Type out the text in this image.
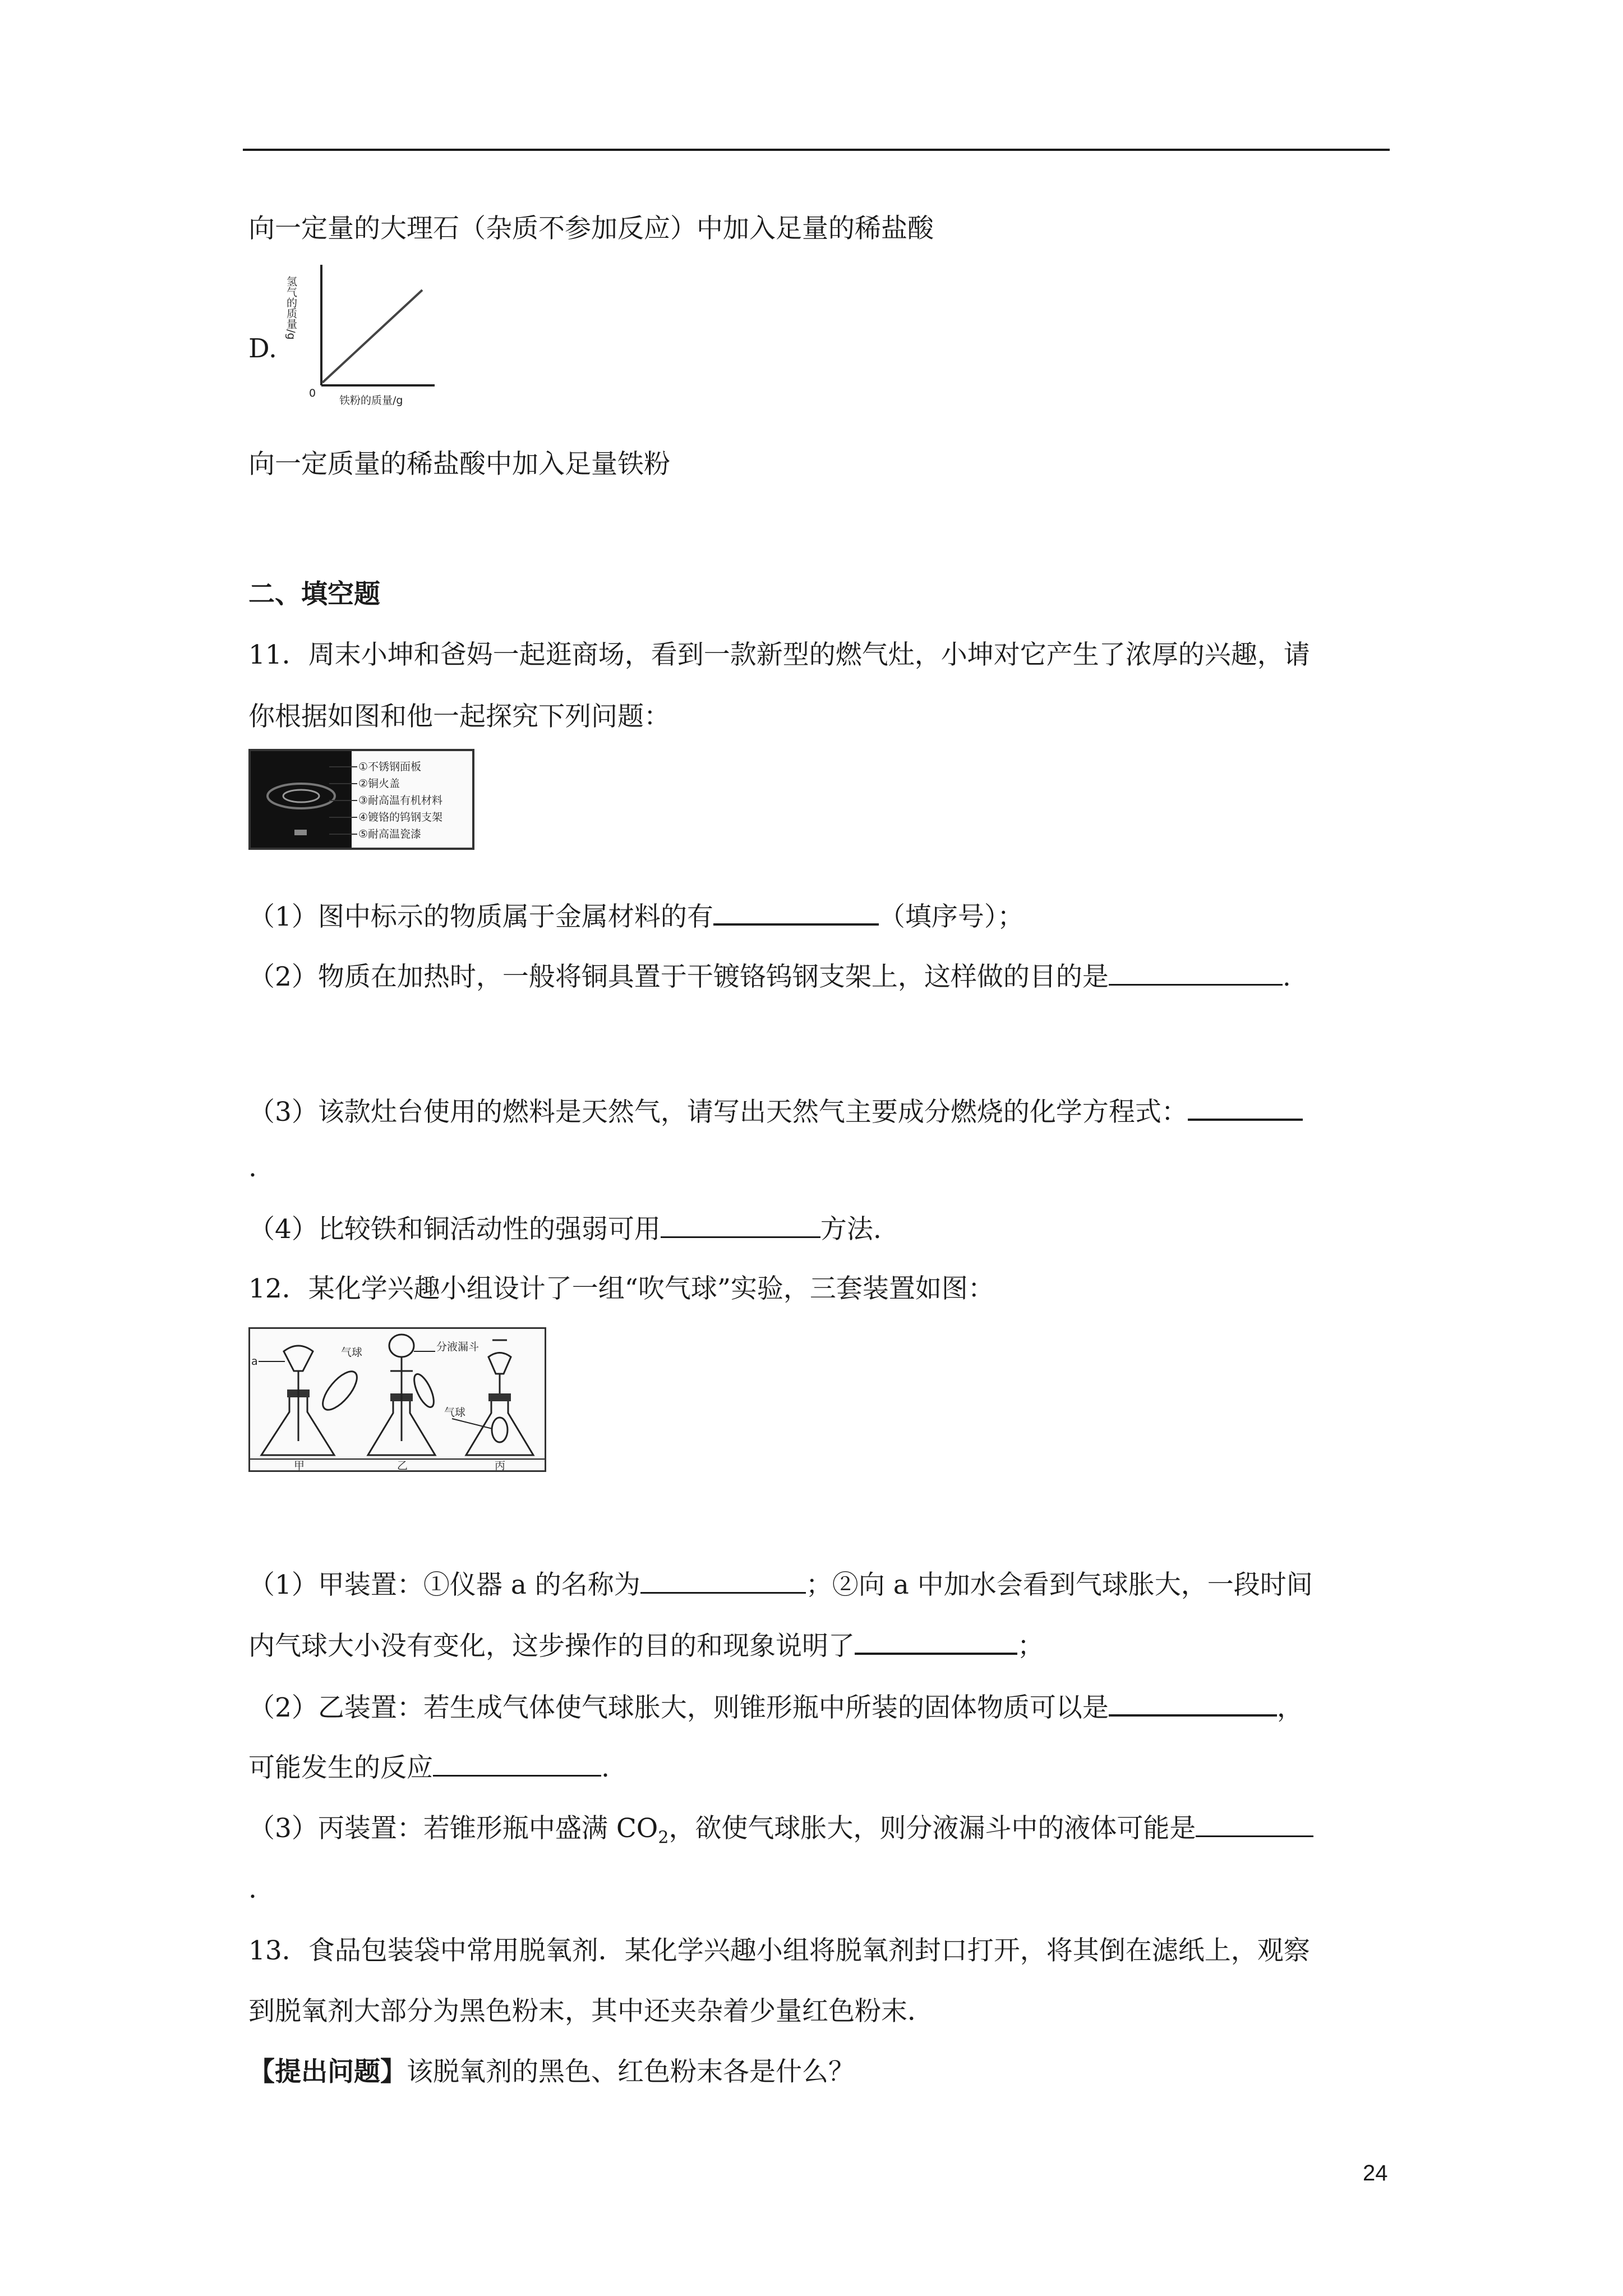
向一定量的大理石（杂质不参加反应）中加入足量的稀盐酸
D.
氢气的质量/g
0
铁粉的质量/g
向一定质量的稀盐酸中加入足量铁粉
二、填空题
11．周末小坤和爸妈一起逛商场，看到一款新型的燃气灶，小坤对它产生了浓厚的兴趣，请
你根据如图和他一起探究下列问题：
①不锈钢面板
②铜火盖
③耐高温有机材料
④镀铬的钨钢支架
⑤耐高温瓷漆
（1）图中标示的物质属于金属材料的有	（填序号）；
（2）物质在加热时，一般将铜具置于干镀铬钨钢支架上，这样做的目的是	.
（3）该款灶台使用的燃料是天然气，请写出天然气主要成分燃烧的化学方程式：
.
（4）比较铁和铜活动性的强弱可用	方法.
12．某化学兴趣小组设计了一组“吹气球”实验，三套装置如图：
a
气球	分液漏斗
气球
甲	乙	丙
（1）甲装置：①仪器 a 的名称为	；②向 a 中加水会看到气球胀大，一段时间
内气球大小没有变化，这步操作的目的和现象说明了	；
（2）乙装置：若生成气体使气球胀大，则锥形瓶中所装的固体物质可以是	，
可能发生的反应	.
（3）丙装置：若锥形瓶中盛满 $CO_2$，欲使气球胀大，则分液漏斗中的液体可能是
.
13．食品包装袋中常用脱氧剂．某化学兴趣小组将脱氧剂封口打开，将其倒在滤纸上，观察
到脱氧剂大部分为黑色粉末，其中还夹杂着少量红色粉末．
【提出问题】该脱氧剂的黑色、红色粉末各是什么？
24
